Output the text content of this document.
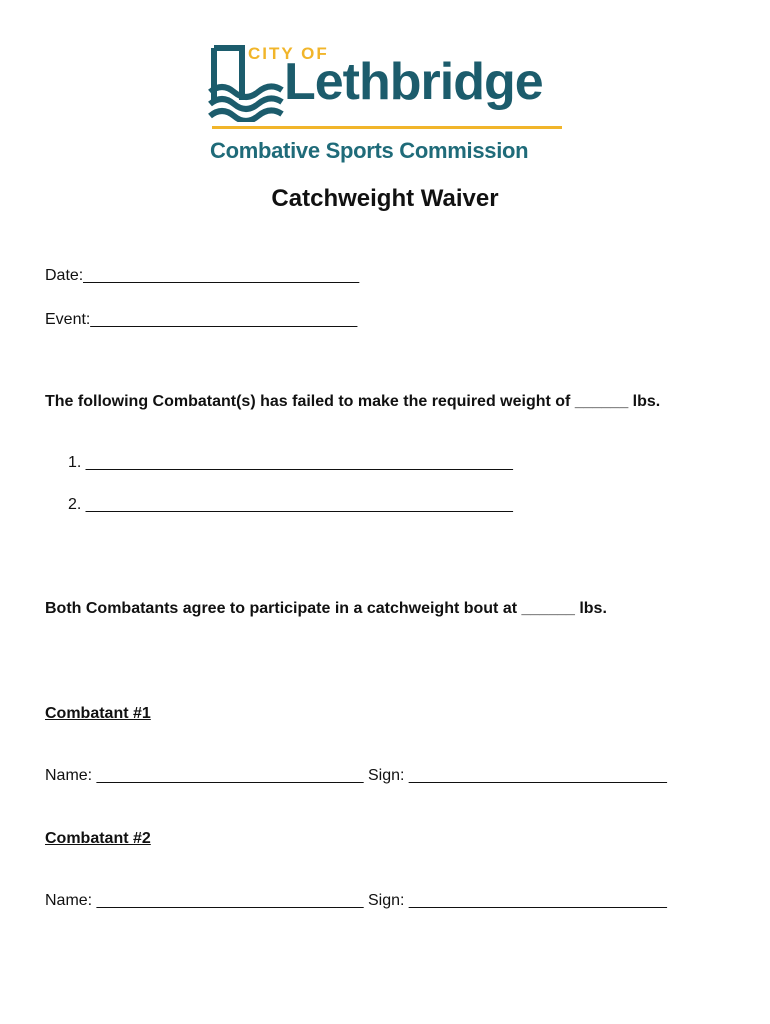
CITY OF
Lethbridge
Combative Sports Commission
Catchweight Waiver
Date:_______________________________
Event:______________________________
The following Combatant(s) has failed to make the required weight of ______ lbs.
1. ________________________________________________
2. ________________________________________________
Both Combatants agree to participate in a catchweight bout at ______ lbs.
Combatant #1
Name: ______________________________ Sign: _____________________________
Combatant #2
Name: ______________________________ Sign: _____________________________
